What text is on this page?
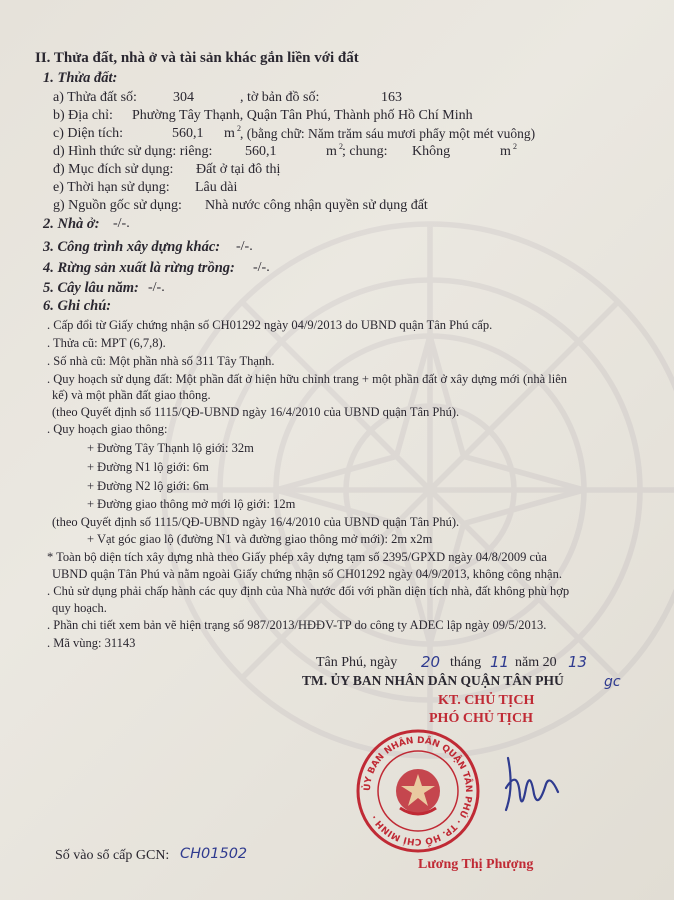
II. Thửa đất, nhà ở và tài sản khác gắn liền với đất
1. Thửa đất:
a) Thửa đất số:	304	, tờ bản đồ số:	163
b) Địa chỉ: Phường Tây Thạnh, Quận Tân Phú, Thành phố Hồ Chí Minh
c) Diện tích:	560,1 m 2 , (bằng chữ: Năm trăm sáu mươi phẩy một mét vuông)
d) Hình thức sử dụng: riêng: 560,1	m 2 ; chung: Không	m 2
đ) Mục đích sử dụng: Đất ở tại đô thị
e) Thời hạn sử dụng: Lâu dài
g) Nguồn gốc sử dụng: Nhà nước công nhận quyền sử dụng đất
2. Nhà ở: -/-.
3. Công trình xây dựng khác: -/-.
4. Rừng sản xuất là rừng trồng: -/-.
5. Cây lâu năm: -/-.
6. Ghi chú:
. Cấp đổi từ Giấy chứng nhận số CH01292 ngày 04/9/2013 do UBND quận Tân Phú cấp.
. Thửa cũ: MPT (6,7,8).
. Số nhà cũ: Một phần nhà số 311 Tây Thạnh.
. Quy hoạch sử dụng đất: Một phần đất ở hiện hữu chỉnh trang + một phần đất ở xây dựng mới (nhà liên
kế) và một phần đất giao thông.
(theo Quyết định số 1115/QĐ-UBND ngày 16/4/2010 của UBND quận Tân Phú).
. Quy hoạch giao thông:
+ Đường Tây Thạnh lộ giới: 32m
+ Đường N1 lộ giới: 6m
+ Đường N2 lộ giới: 6m
+ Đường giao thông mở mới lộ giới: 12m
(theo Quyết định số 1115/QĐ-UBND ngày 16/4/2010 của UBND quận Tân Phú).
+ Vạt góc giao lộ (đường N1 và đường giao thông mở mới): 2m x2m
* Toàn bộ diện tích xây dựng nhà theo Giấy phép xây dựng tạm số 2395/GPXD ngày 04/8/2009 của
UBND quận Tân Phú và nằm ngoài Giấy chứng nhận số CH01292 ngày 04/9/2013, không công nhận.
. Chủ sử dụng phải chấp hành các quy định của Nhà nước đối với phần diện tích nhà, đất không phù hợp
quy hoạch.
. Phần chi tiết xem bản vẽ hiện trạng số 987/2013/HĐĐV-TP do công ty ADEC lập ngày 09/5/2013.
. Mã vùng: 31143
Tân Phú, ngày 20 tháng 11 năm 20 13
TM. ỦY BAN NHÂN DÂN QUẬN TÂN PHÚ	gc
KT. CHỦ TỊCH
PHÓ CHỦ TỊCH
ỦY BAN NHÂN DÂN QUẬN TÂN PHÚ · TP. HỒ CHÍ MINH ·
Số vào sổ cấp GCN: CH01502
Lương Thị Phượng
